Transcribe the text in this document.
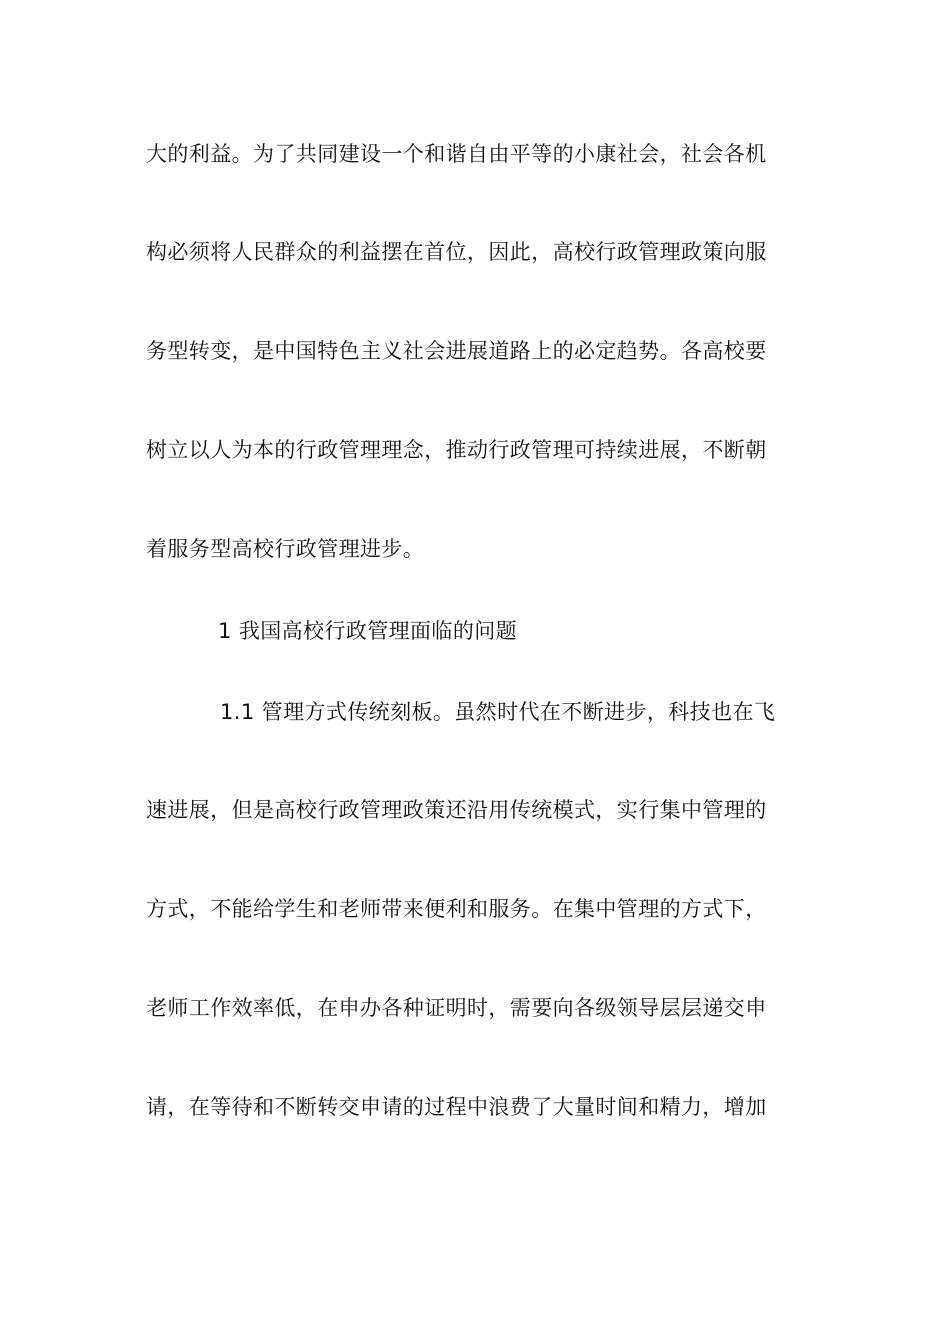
大的利益。为了共同建设一个和谐自由平等的小康社会，社会各机
构必须将人民群众的利益摆在首位，因此，高校行政管理政策向服
务型转变，是中国特色主义社会进展道路上的必定趋势。各高校要
树立以人为本的行政管理理念，推动行政管理可持续进展，不断朝
着服务型高校行政管理进步。
1 我国高校行政管理面临的问题
1.1 管理方式传统刻板。虽然时代在不断进步，科技也在飞
速进展，但是高校行政管理政策还沿用传统模式，实行集中管理的
方式，不能给学生和老师带来便利和服务。在集中管理的方式下，
老师工作效率低，在申办各种证明时，需要向各级领导层层递交申
请，在等待和不断转交申请的过程中浪费了大量时间和精力，增加
